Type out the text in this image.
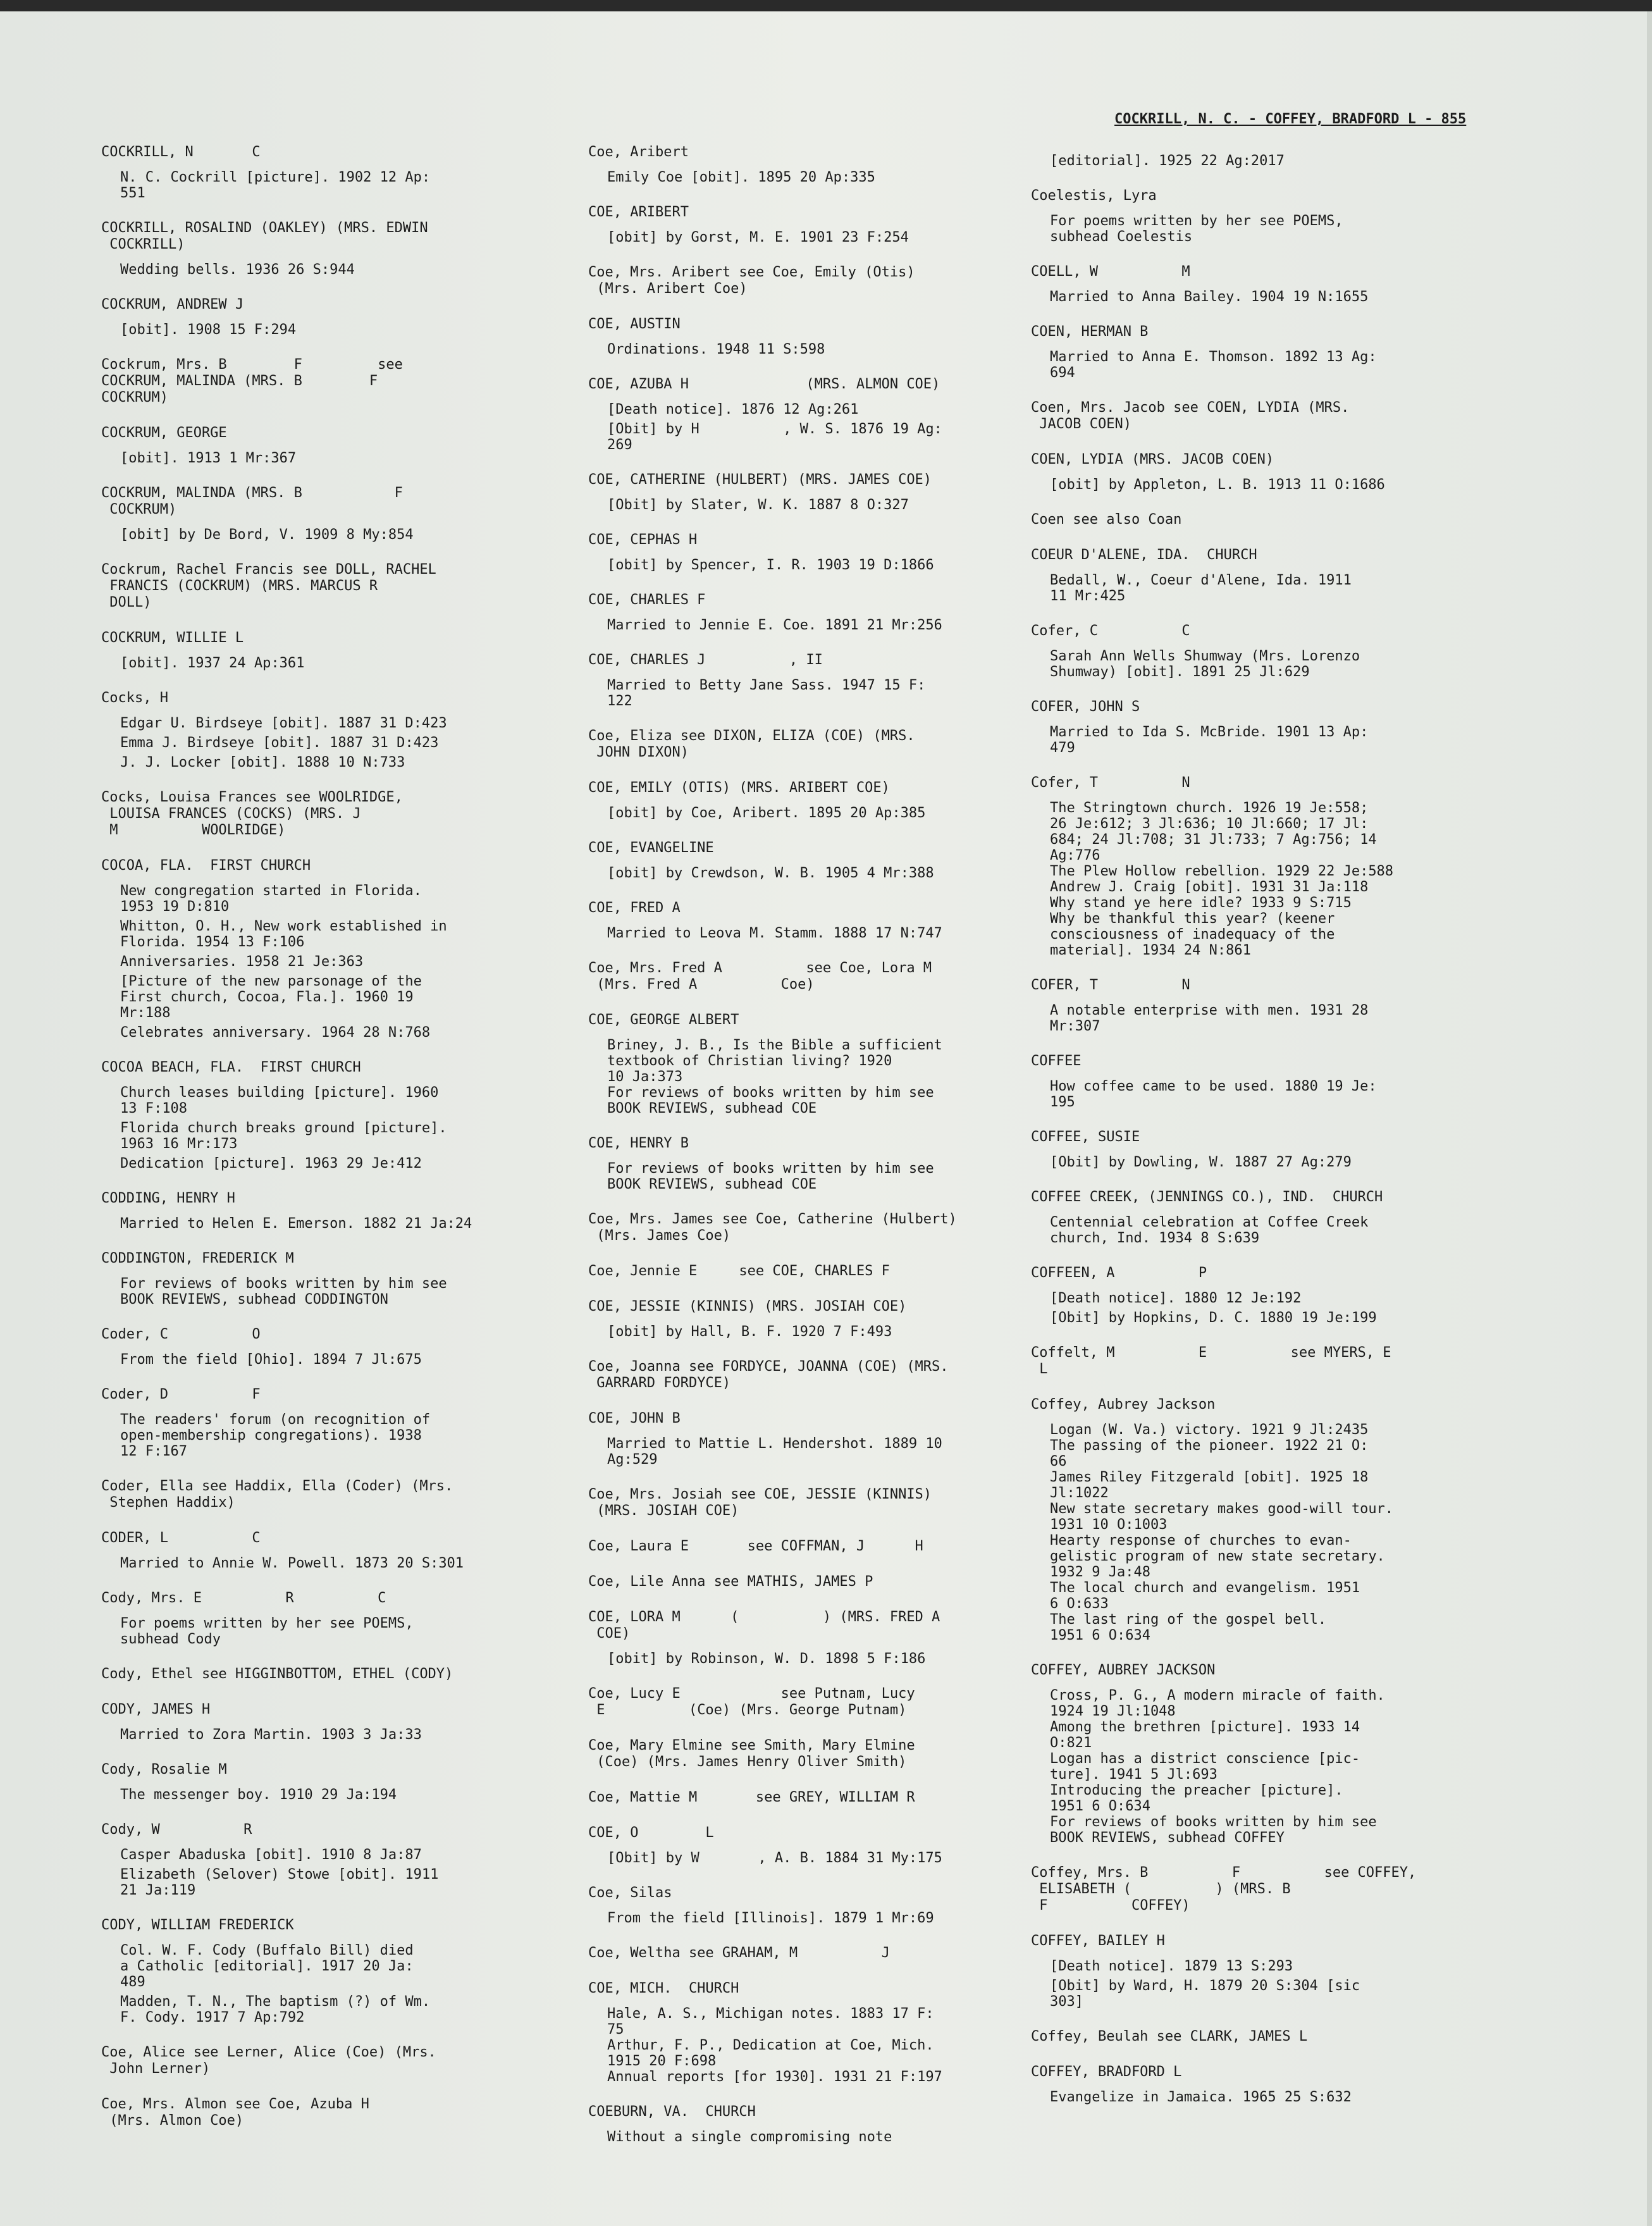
COCKRILL, N. C. - COFFEY, BRADFORD L - 855
COCKRILL, N       C
N. C. Cockrill [picture]. 1902 12 Ap:
551
COCKRILL, ROSALIND (OAKLEY) (MRS. EDWIN
COCKRILL)
Wedding bells. 1936 26 S:944
COCKRUM, ANDREW J
[obit]. 1908 15 F:294
Cockrum, Mrs. B        F         see
COCKRUM, MALINDA (MRS. B        F
COCKRUM)
COCKRUM, GEORGE
[obit]. 1913 1 Mr:367
COCKRUM, MALINDA (MRS. B           F
COCKRUM)
[obit] by De Bord, V. 1909 8 My:854
Cockrum, Rachel Francis see DOLL, RACHEL
FRANCIS (COCKRUM) (MRS. MARCUS R
DOLL)
COCKRUM, WILLIE L
[obit]. 1937 24 Ap:361
Cocks, H
Edgar U. Birdseye [obit]. 1887 31 D:423
Emma J. Birdseye [obit]. 1887 31 D:423
J. J. Locker [obit]. 1888 10 N:733
Cocks, Louisa Frances see WOOLRIDGE,
LOUISA FRANCES (COCKS) (MRS. J
M          WOOLRIDGE)
COCOA, FLA.  FIRST CHURCH
New congregation started in Florida.
1953 19 D:810
Whitton, O. H., New work established in
Florida. 1954 13 F:106
Anniversaries. 1958 21 Je:363
[Picture of the new parsonage of the
First church, Cocoa, Fla.]. 1960 19
Mr:188
Celebrates anniversary. 1964 28 N:768
COCOA BEACH, FLA.  FIRST CHURCH
Church leases building [picture]. 1960
13 F:108
Florida church breaks ground [picture].
1963 16 Mr:173
Dedication [picture]. 1963 29 Je:412
CODDING, HENRY H
Married to Helen E. Emerson. 1882 21 Ja:24
CODDINGTON, FREDERICK M
For reviews of books written by him see
BOOK REVIEWS, subhead CODDINGTON
Coder, C          O
From the field [Ohio]. 1894 7 Jl:675
Coder, D          F
The readers' forum (on recognition of
open-membership congregations). 1938
12 F:167
Coder, Ella see Haddix, Ella (Coder) (Mrs.
Stephen Haddix)
CODER, L          C
Married to Annie W. Powell. 1873 20 S:301
Cody, Mrs. E          R          C
For poems written by her see POEMS,
subhead Cody
Cody, Ethel see HIGGINBOTTOM, ETHEL (CODY)
CODY, JAMES H
Married to Zora Martin. 1903 3 Ja:33
Cody, Rosalie M
The messenger boy. 1910 29 Ja:194
Cody, W          R
Casper Abaduska [obit]. 1910 8 Ja:87
Elizabeth (Selover) Stowe [obit]. 1911
21 Ja:119
CODY, WILLIAM FREDERICK
Col. W. F. Cody (Buffalo Bill) died
a Catholic [editorial]. 1917 20 Ja:
489
Madden, T. N., The baptism (?) of Wm.
F. Cody. 1917 7 Ap:792
Coe, Alice see Lerner, Alice (Coe) (Mrs.
John Lerner)
Coe, Mrs. Almon see Coe, Azuba H
(Mrs. Almon Coe)
Coe, Aribert
Emily Coe [obit]. 1895 20 Ap:335
COE, ARIBERT
[obit] by Gorst, M. E. 1901 23 F:254
Coe, Mrs. Aribert see Coe, Emily (Otis)
(Mrs. Aribert Coe)
COE, AUSTIN
Ordinations. 1948 11 S:598
COE, AZUBA H              (MRS. ALMON COE)
[Death notice]. 1876 12 Ag:261
[Obit] by H          , W. S. 1876 19 Ag:
269
COE, CATHERINE (HULBERT) (MRS. JAMES COE)
[Obit] by Slater, W. K. 1887 8 O:327
COE, CEPHAS H
[obit] by Spencer, I. R. 1903 19 D:1866
COE, CHARLES F
Married to Jennie E. Coe. 1891 21 Mr:256
COE, CHARLES J          , II
Married to Betty Jane Sass. 1947 15 F:
122
Coe, Eliza see DIXON, ELIZA (COE) (MRS.
JOHN DIXON)
COE, EMILY (OTIS) (MRS. ARIBERT COE)
[obit] by Coe, Aribert. 1895 20 Ap:385
COE, EVANGELINE
[obit] by Crewdson, W. B. 1905 4 Mr:388
COE, FRED A
Married to Leova M. Stamm. 1888 17 N:747
Coe, Mrs. Fred A          see Coe, Lora M
(Mrs. Fred A          Coe)
COE, GEORGE ALBERT
Briney, J. B., Is the Bible a sufficient
textbook of Christian living? 1920
10 Ja:373
For reviews of books written by him see
BOOK REVIEWS, subhead COE
COE, HENRY B
For reviews of books written by him see
BOOK REVIEWS, subhead COE
Coe, Mrs. James see Coe, Catherine (Hulbert)
(Mrs. James Coe)
Coe, Jennie E     see COE, CHARLES F
COE, JESSIE (KINNIS) (MRS. JOSIAH COE)
[obit] by Hall, B. F. 1920 7 F:493
Coe, Joanna see FORDYCE, JOANNA (COE) (MRS.
GARRARD FORDYCE)
COE, JOHN B
Married to Mattie L. Hendershot. 1889 10
Ag:529
Coe, Mrs. Josiah see COE, JESSIE (KINNIS)
(MRS. JOSIAH COE)
Coe, Laura E       see COFFMAN, J      H
Coe, Lile Anna see MATHIS, JAMES P
COE, LORA M      (          ) (MRS. FRED A
COE)
[obit] by Robinson, W. D. 1898 5 F:186
Coe, Lucy E            see Putnam, Lucy
E          (Coe) (Mrs. George Putnam)
Coe, Mary Elmine see Smith, Mary Elmine
(Coe) (Mrs. James Henry Oliver Smith)
Coe, Mattie M       see GREY, WILLIAM R
COE, O        L
[Obit] by W       , A. B. 1884 31 My:175
Coe, Silas
From the field [Illinois]. 1879 1 Mr:69
Coe, Weltha see GRAHAM, M          J
COE, MICH.  CHURCH
Hale, A. S., Michigan notes. 1883 17 F:
75
Arthur, F. P., Dedication at Coe, Mich.
1915 20 F:698
Annual reports [for 1930]. 1931 21 F:197
COEBURN, VA.  CHURCH
Without a single compromising note
[editorial]. 1925 22 Ag:2017
Coelestis, Lyra
For poems written by her see POEMS,
subhead Coelestis
COELL, W          M
Married to Anna Bailey. 1904 19 N:1655
COEN, HERMAN B
Married to Anna E. Thomson. 1892 13 Ag:
694
Coen, Mrs. Jacob see COEN, LYDIA (MRS.
JACOB COEN)
COEN, LYDIA (MRS. JACOB COEN)
[obit] by Appleton, L. B. 1913 11 O:1686
Coen see also Coan
COEUR D'ALENE, IDA.  CHURCH
Bedall, W., Coeur d'Alene, Ida. 1911
11 Mr:425
Cofer, C          C
Sarah Ann Wells Shumway (Mrs. Lorenzo
Shumway) [obit]. 1891 25 Jl:629
COFER, JOHN S
Married to Ida S. McBride. 1901 13 Ap:
479
Cofer, T          N
The Stringtown church. 1926 19 Je:558;
26 Je:612; 3 Jl:636; 10 Jl:660; 17 Jl:
684; 24 Jl:708; 31 Jl:733; 7 Ag:756; 14
Ag:776
The Plew Hollow rebellion. 1929 22 Je:588
Andrew J. Craig [obit]. 1931 31 Ja:118
Why stand ye here idle? 1933 9 S:715
Why be thankful this year? (keener
consciousness of inadequacy of the
material]. 1934 24 N:861
COFER, T          N
A notable enterprise with men. 1931 28
Mr:307
COFFEE
How coffee came to be used. 1880 19 Je:
195
COFFEE, SUSIE
[Obit] by Dowling, W. 1887 27 Ag:279
COFFEE CREEK, (JENNINGS CO.), IND.  CHURCH
Centennial celebration at Coffee Creek
church, Ind. 1934 8 S:639
COFFEEN, A          P
[Death notice]. 1880 12 Je:192
[Obit] by Hopkins, D. C. 1880 19 Je:199
Coffelt, M          E          see MYERS, E
L
Coffey, Aubrey Jackson
Logan (W. Va.) victory. 1921 9 Jl:2435
The passing of the pioneer. 1922 21 O:
66
James Riley Fitzgerald [obit]. 1925 18
Jl:1022
New state secretary makes good-will tour.
1931 10 O:1003
Hearty response of churches to evan-
gelistic program of new state secretary.
1932 9 Ja:48
The local church and evangelism. 1951
6 O:633
The last ring of the gospel bell.
1951 6 O:634
COFFEY, AUBREY JACKSON
Cross, P. G., A modern miracle of faith.
1924 19 Jl:1048
Among the brethren [picture]. 1933 14
O:821
Logan has a district conscience [pic-
ture]. 1941 5 Jl:693
Introducing the preacher [picture].
1951 6 O:634
For reviews of books written by him see
BOOK REVIEWS, subhead COFFEY
Coffey, Mrs. B          F          see COFFEY,
ELISABETH (          ) (MRS. B
F          COFFEY)
COFFEY, BAILEY H
[Death notice]. 1879 13 S:293
[Obit] by Ward, H. 1879 20 S:304 [sic
303]
Coffey, Beulah see CLARK, JAMES L
COFFEY, BRADFORD L
Evangelize in Jamaica. 1965 25 S:632
